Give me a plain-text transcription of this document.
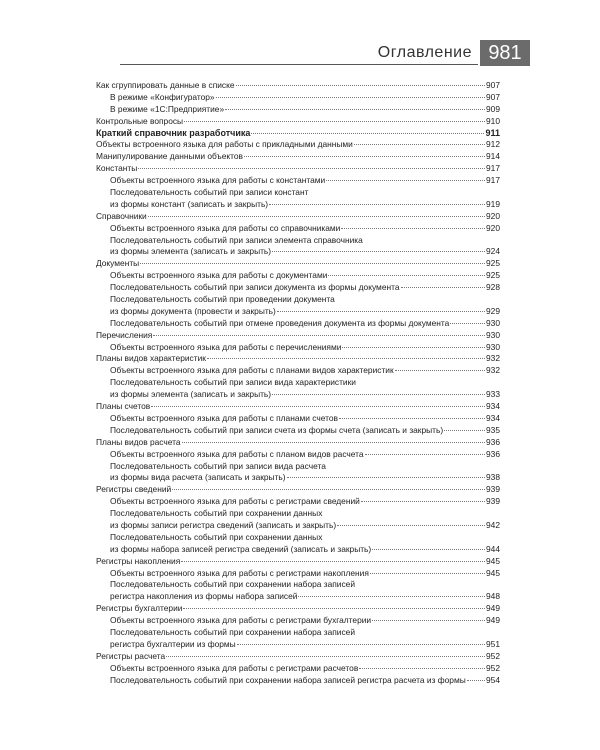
Оглавление 981
Как сгруппировать данные в списке	907
В режиме «Конфигуратор»	907
В режиме «1С:Предприятие»	909
Контрольные вопросы	910
Краткий справочник разработчика	911
Объекты встроенного языка для работы с прикладными данными	912
Манипулирование данными объектов	914
Константы	917
Объекты встроенного языка для работы с константами	917
Последовательность событий при записи констант
из формы констант (записать и закрыть)	919
Справочники	920
Объекты встроенного языка для работы со справочниками	920
Последовательность событий при записи элемента справочника
из формы элемента (записать и закрыть)	924
Документы	925
Объекты встроенного языка для работы с документами	925
Последовательность событий при записи документа из формы документа	928
Последовательность событий при проведении документа
из формы документа (провести и закрыть)	929
Последовательность событий при отмене проведения документа из формы документа	930
Перечисления	930
Объекты встроенного языка для работы с перечислениями	930
Планы видов характеристик	932
Объекты встроенного языка для работы с планами видов характеристик	932
Последовательность событий при записи вида характеристики
из формы элемента (записать и закрыть)	933
Планы счетов	934
Объекты встроенного языка для работы с планами счетов	934
Последовательность событий при записи счета из формы счета (записать и закрыть)	935
Планы видов расчета	936
Объекты встроенного языка для работы с планом видов расчета	936
Последовательность событий при записи вида расчета
из формы вида расчета (записать и закрыть)	938
Регистры сведений	939
Объекты встроенного языка для работы с регистрами сведений	939
Последовательность событий при сохранении данных
из формы записи регистра сведений (записать и закрыть)	942
Последовательность событий при сохранении данных
из формы набора записей регистра сведений (записать и закрыть)	944
Регистры накопления	945
Объекты встроенного языка для работы с регистрами накопления	945
Последовательность событий при сохранении набора записей
регистра накопления из формы набора записей	948
Регистры бухгалтерии	949
Объекты встроенного языка для работы с регистрами бухгалтерии	949
Последовательность событий при сохранении набора записей
регистра бухгалтерии из формы	951
Регистры расчета	952
Объекты встроенного языка для работы с регистрами расчетов	952
Последовательность событий при сохранении набора записей регистра расчета из формы 954
